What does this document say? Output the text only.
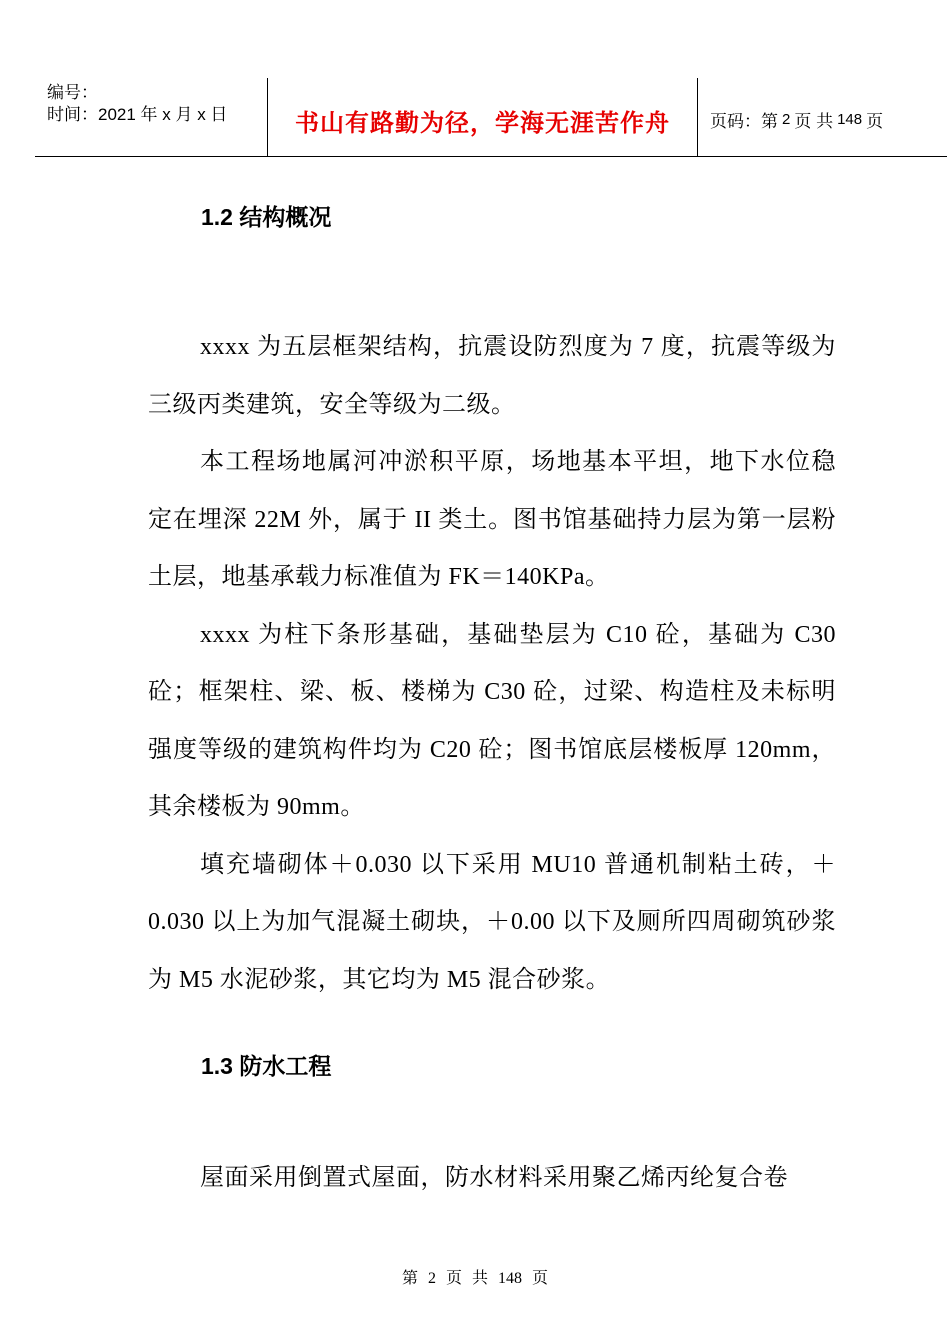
编号：
时间：2021 年 x 月 x 日	书山有路勤为径，学海无涯苦作舟	页码：第 2 页 共 148 页
1.2 结构概况

xxxx 为五层框架结构，抗震设防烈度为 7 度，抗震等级为三级丙类建筑，安全等级为二级。

本工程场地属河冲淤积平原，场地基本平坦，地下水位稳定在埋深 22M 外，属于 II 类土。图书馆基础持力层为第一层粉土层，地基承载力标准值为 FK＝140KPa。

xxxx 为柱下条形基础，基础垫层为 C10 砼，基础为 C30 砼；框架柱、梁、板、楼梯为 C30 砼，过梁、构造柱及未标明强度等级的建筑构件均为 C20 砼；图书馆底层楼板厚 120mm，其余楼板为 90mm。

填充墙砌体＋0.030 以下采用 MU10 普通机制粘土砖，＋0.030 以上为加气混凝土砌块，＋0.00 以下及厕所四周砌筑砂浆为 M5 水泥砂浆，其它均为 M5 混合砂浆。

1.3 防水工程

屋面采用倒置式屋面，防水材料采用聚乙烯丙纶复合卷

第 2 页 共 148 页
